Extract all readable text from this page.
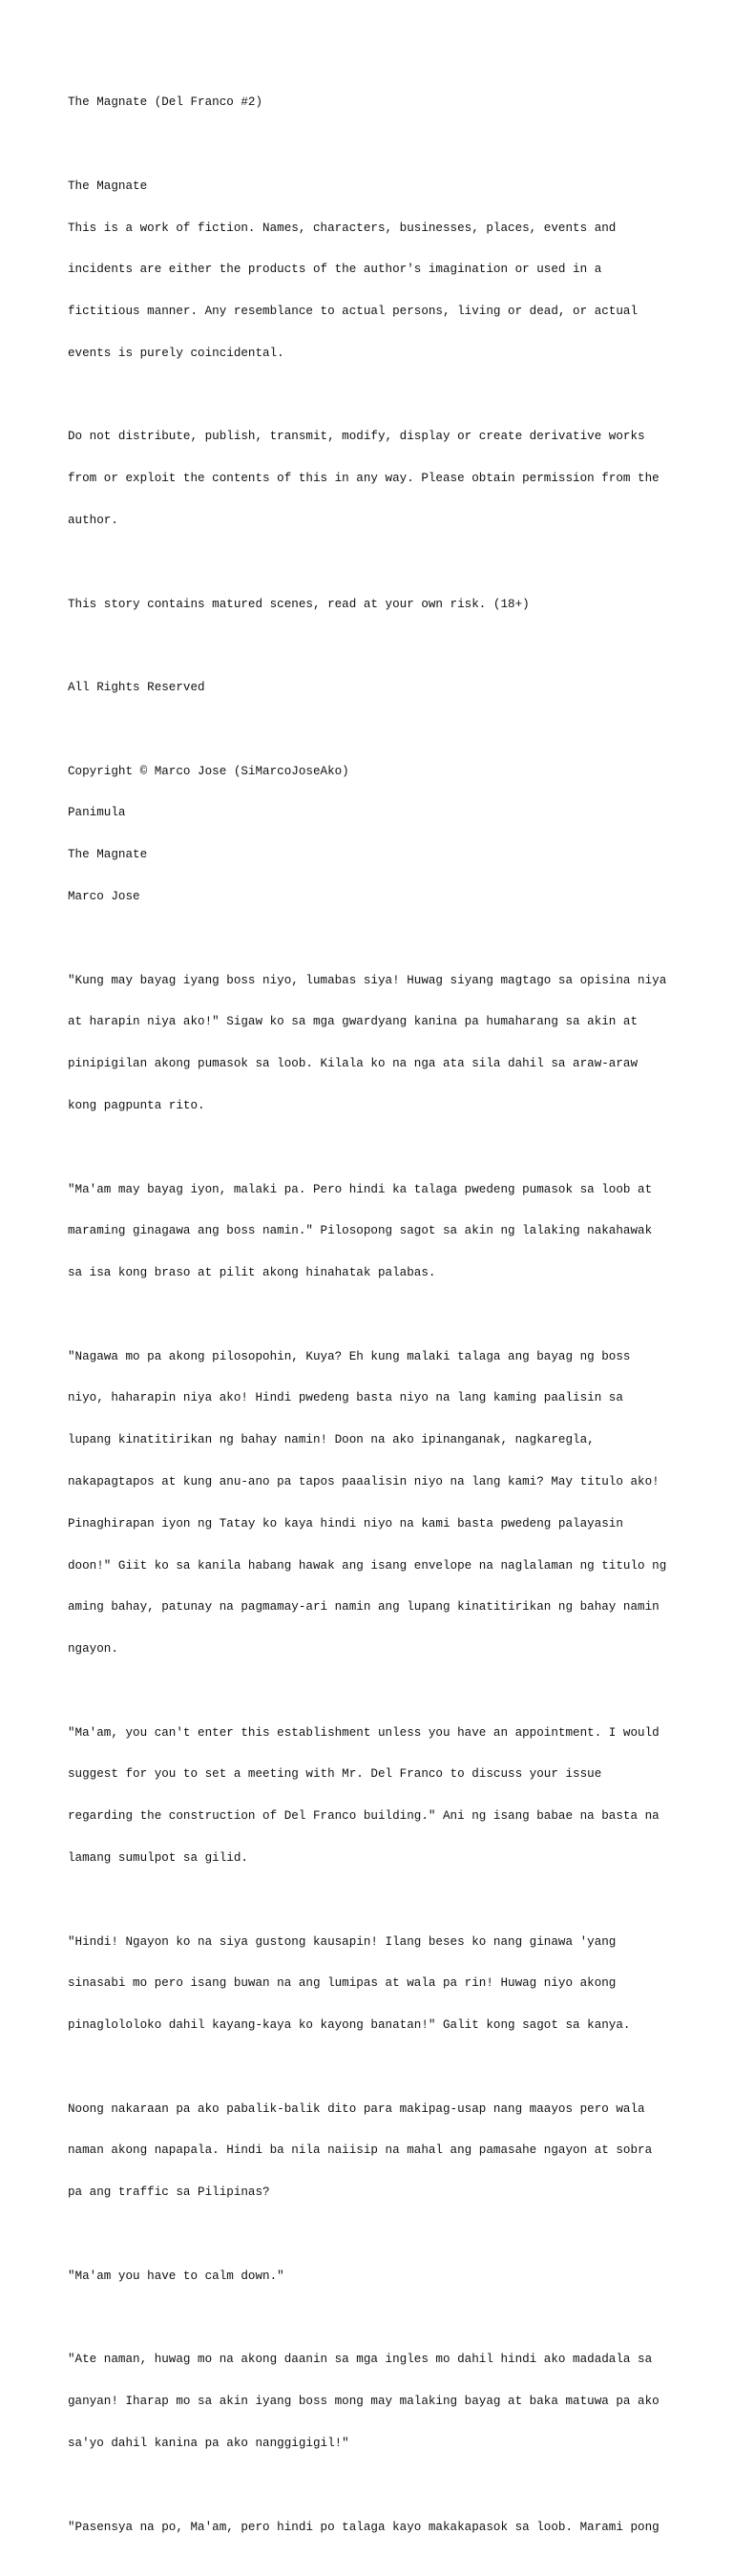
The Magnate (Del Franco #2)

The Magnate

This is a work of fiction. Names, characters, businesses, places, events and

incidents are either the products of the author's imagination or used in a

fictitious manner. Any resemblance to actual persons, living or dead, or actual

events is purely coincidental.

Do not distribute, publish, transmit, modify, display or create derivative works

from or exploit the contents of this in any way. Please obtain permission from the

author.

This story contains matured scenes, read at your own risk. (18+)

All Rights Reserved

Copyright © Marco Jose (SiMarcoJoseAko)

Panimula

The Magnate

Marco Jose

"Kung may bayag iyang boss niyo, lumabas siya! Huwag siyang magtago sa opisina niya

at harapin niya ako!" Sigaw ko sa mga gwardyang kanina pa humaharang sa akin at

pinipigilan akong pumasok sa loob. Kilala ko na nga ata sila dahil sa araw-araw

kong pagpunta rito.

"Ma'am may bayag iyon, malaki pa. Pero hindi ka talaga pwedeng pumasok sa loob at

maraming ginagawa ang boss namin." Pilosopong sagot sa akin ng lalaking nakahawak

sa isa kong braso at pilit akong hinahatak palabas.

"Nagawa mo pa akong pilosopohin, Kuya? Eh kung malaki talaga ang bayag ng boss

niyo, haharapin niya ako! Hindi pwedeng basta niyo na lang kaming paalisin sa

lupang kinatitirikan ng bahay namin! Doon na ako ipinanganak, nagkaregla,

nakapagtapos at kung anu-ano pa tapos paaalisin niyo na lang kami? May titulo ako!

Pinaghirapan iyon ng Tatay ko kaya hindi niyo na kami basta pwedeng palayasin

doon!" Giit ko sa kanila habang hawak ang isang envelope na naglalaman ng titulo ng

aming bahay, patunay na pagmamay-ari namin ang lupang kinatitirikan ng bahay namin

ngayon.

"Ma'am, you can't enter this establishment unless you have an appointment. I would

suggest for you to set a meeting with Mr. Del Franco to discuss your issue

regarding the construction of Del Franco building." Ani ng isang babae na basta na

lamang sumulpot sa gilid.

"Hindi! Ngayon ko na siya gustong kausapin! Ilang beses ko nang ginawa 'yang

sinasabi mo pero isang buwan na ang lumipas at wala pa rin! Huwag niyo akong

pinaglololoko dahil kayang-kaya ko kayong banatan!" Galit kong sagot sa kanya.

Noong nakaraan pa ako pabalik-balik dito para makipag-usap nang maayos pero wala

naman akong napapala. Hindi ba nila naiisip na mahal ang pamasahe ngayon at sobra

pa ang traffic sa Pilipinas?

"Ma'am you have to calm down."

"Ate naman, huwag mo na akong daanin sa mga ingles mo dahil hindi ako madadala sa

ganyan! Iharap mo sa akin iyang boss mong may malaking bayag at baka matuwa pa ako

sa'yo dahil kanina pa ako nanggigigil!"

"Pasensya na po, Ma'am, pero hindi po talaga kayo makakapasok sa loob. Marami pong
